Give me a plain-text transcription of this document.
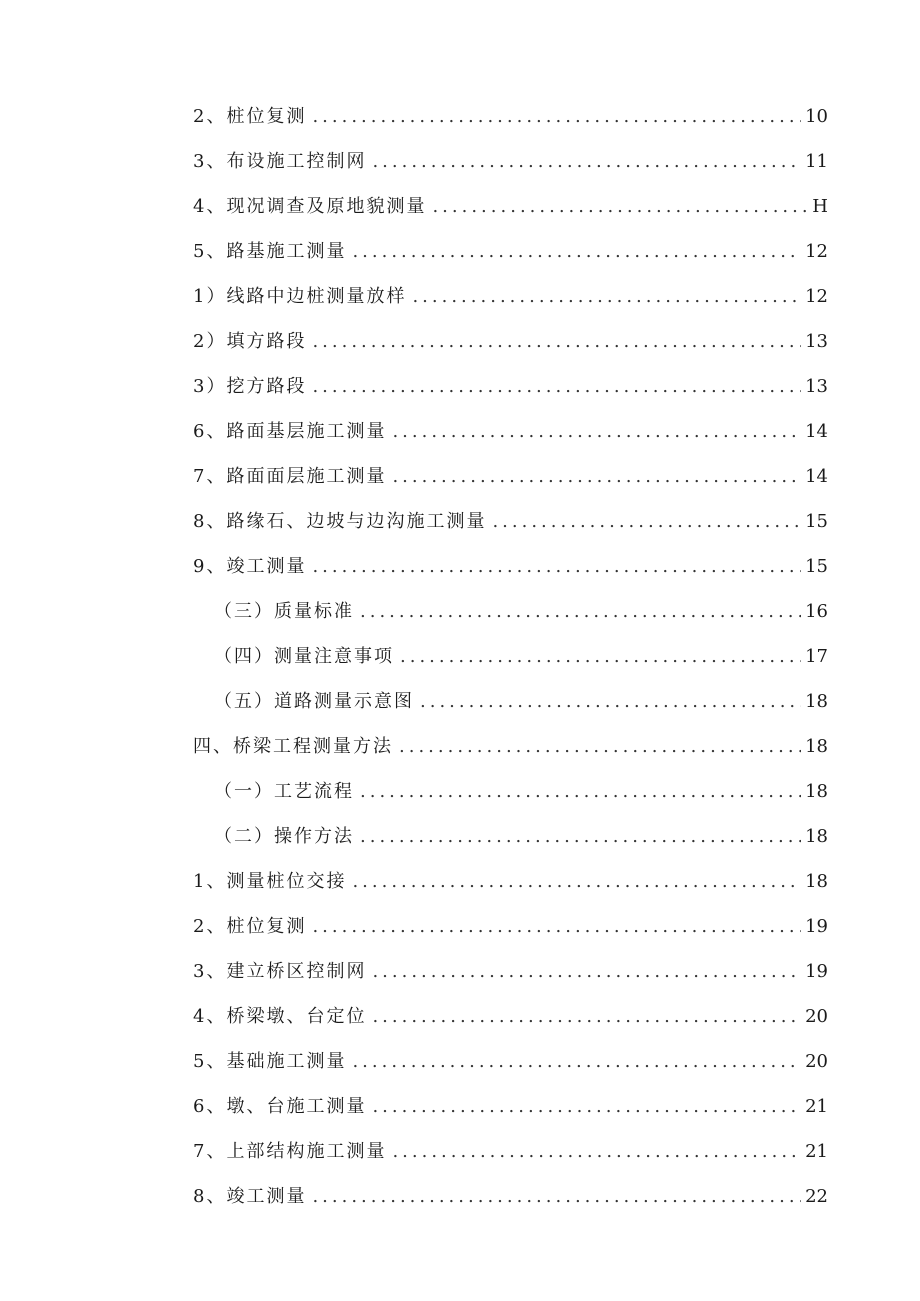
2、桩位复测 .....	10
3、布设施工控制网 .....	11
4、现况调查及原地貌测量 .....	H
5、路基施工测量 .....	12
1）线路中边桩测量放样 .....	12
2）填方路段 .....	13
3）挖方路段 .....	13
6、路面基层施工测量 .....	14
7、路面面层施工测量 .....	14
8、路缘石、边坡与边沟施工测量 .....	15
9、竣工测量 .....	15
（三）质量标准 .....	16
（四）测量注意事项 .....	17
（五）道路测量示意图 .....	18
四、桥梁工程测量方法 .....	18
（一）工艺流程 .....	18
（二）操作方法 .....	18
1、测量桩位交接 .....	18
2、桩位复测 .....	19
3、建立桥区控制网 .....	19
4、桥梁墩、台定位 .....	20
5、基础施工测量 .....	20
6、墩、台施工测量 .....	21
7、上部结构施工测量 .....	21
8、竣工测量 .....	22
